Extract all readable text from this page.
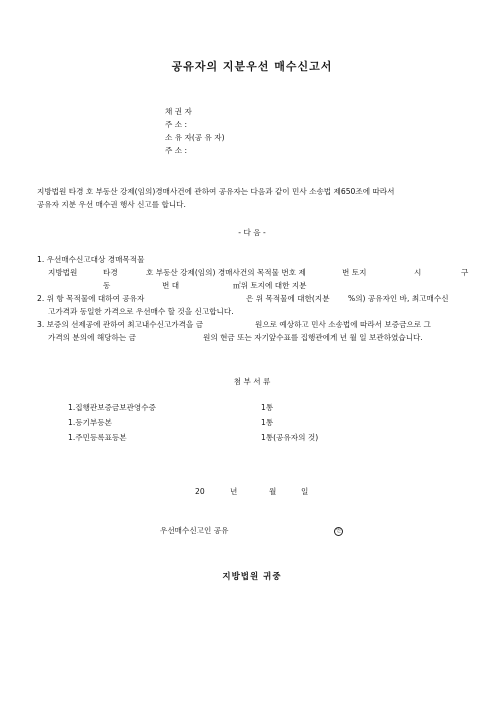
공유자의 지분우선 매수신고서
채 권 자
주 소 :
소 유 자(공 유 자)
주 소 :
지방법원 타경 호 부동산 강제(임의)경매사건에 관하여 공유자는 다음과 같이 민사 소송법 제650조에 따라서
공유자 지분 우선 매수권 행사 신고를 합니다.
- 다 음 -
1. 우선매수신고대상 경매목적물
지방법원	타경	호 부동산 강제(임의) 경매사건의 목적물 번호 제	번 토지	시	구
동	번 대	㎡위 토지에 대한 지분
2. 위 항 목적물에 대하여 공유자	은 위 목적물에 대한(지분 %의) 공유자인 바, 최고매수신
고가격과 동일한 가격으로 우선매수 할 것을 신고합니다.
3. 보증의 선제공에 관하여 최고내수신고가격을 금	원으로 예상하고 민사 소송법에 따라서 보증금으로 그
가격의 분의에 해당하는 금	원의 현금 또는 자기앞수표를 집행관에게 년 월 일 보관하였습니다.
첨 부 서 류
1.집행관보증금보관영수증	1통
1.등기부등본	1통
1.주민등록표등본	1통(공유자의 것)
20	년	월	일
우선매수신고인 공유	인
지방법원 귀중
